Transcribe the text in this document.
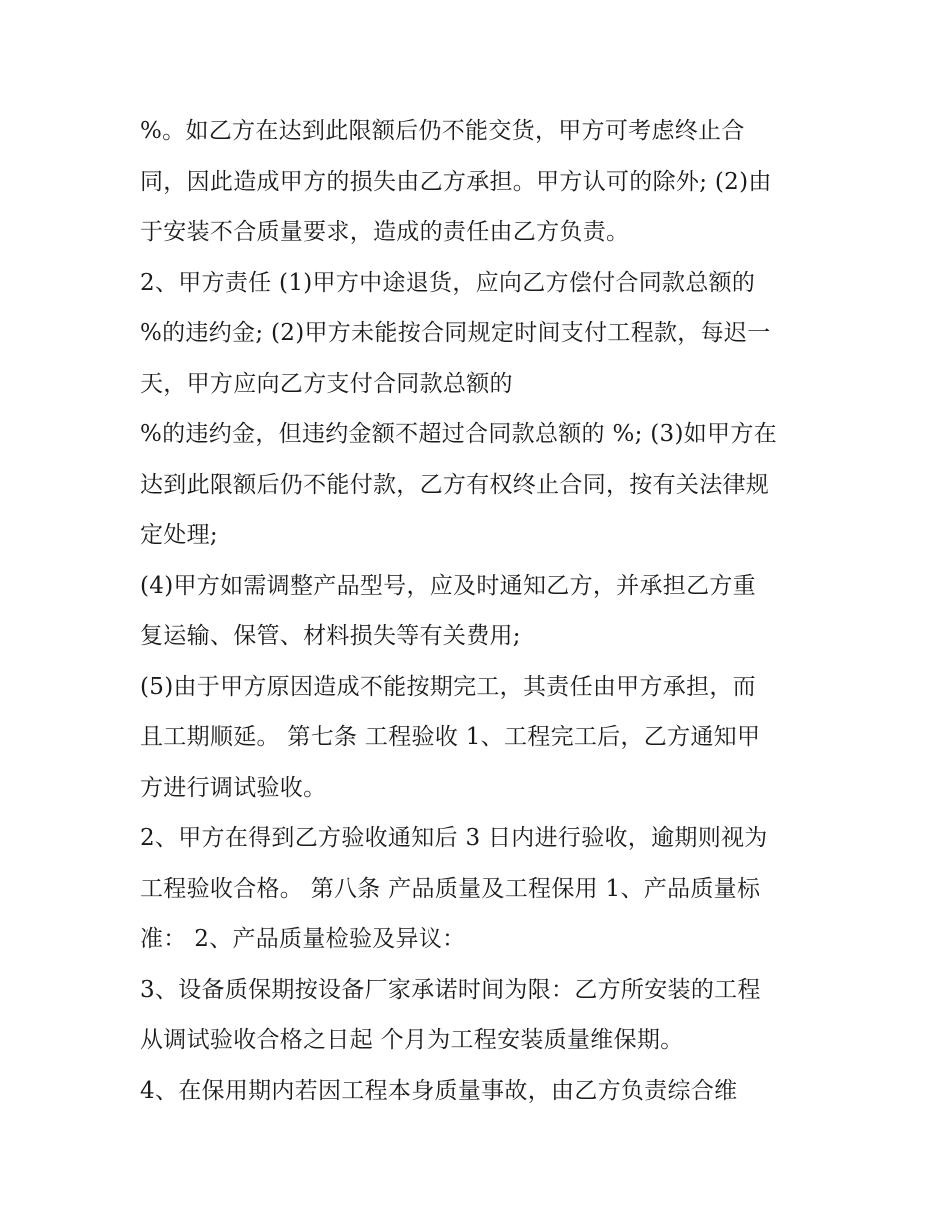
%。如乙方在达到此限额后仍不能交货，甲方可考虑终止合
同，因此造成甲方的损失由乙方承担。甲方认可的除外; (2)由
于安装不合质量要求，造成的责任由乙方负责。
2、甲方责任 (1)甲方中途退货，应向乙方偿付合同款总额的
%的违约金; (2)甲方未能按合同规定时间支付工程款，每迟一
天，甲方应向乙方支付合同款总额的
%的违约金，但违约金额不超过合同款总额的 %; (3)如甲方在
达到此限额后仍不能付款，乙方有权终止合同，按有关法律规
定处理;
(4)甲方如需调整产品型号，应及时通知乙方，并承担乙方重
复运输、保管、材料损失等有关费用;
(5)由于甲方原因造成不能按期完工，其责任由甲方承担，而
且工期顺延。 第七条 工程验收 1、工程完工后，乙方通知甲
方进行调试验收。
2、甲方在得到乙方验收通知后 3 日内进行验收，逾期则视为
工程验收合格。 第八条 产品质量及工程保用 1、产品质量标
准： 2、产品质量检验及异议：
3、设备质保期按设备厂家承诺时间为限：乙方所安装的工程
从调试验收合格之日起 个月为工程安装质量维保期。
4、在保用期内若因工程本身质量事故，由乙方负责综合维
